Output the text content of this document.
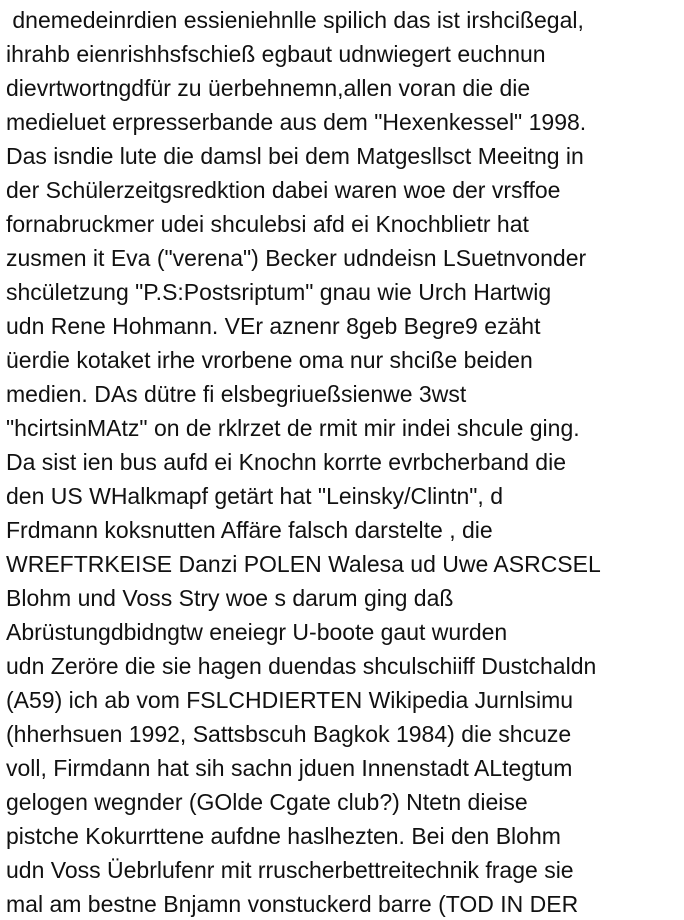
dnemedeinrdien essieniehnlle spilich das ist irshcißegal,
ihrahb eienrishhsfschieß egbaut udnwiegert euchnun
dievrtwortngdfür zu üerbehnemn,allen voran die die
medieluet erpresserbande aus dem "Hexenkessel" 1998.
Das isndie lute die damsl bei dem Matgesllsct Meeitng in
der Schülerzeitgsredktion dabei waren woe der vrsffoe
fornabruckmer udei shculebsi afd ei Knochblietr hat
zusmen it Eva ("verena") Becker udndeisn LSuetnvonder
shcületzung "P.S:Postsriptum" gnau wie Urch Hartwig
udn Rene Hohmann. VEr aznenr 8geb Begre9 ezäht
üerdie kotaket irhe vrorbene oma nur shciße beiden
medien. DAs dütre fi elsbegriueßsienwe 3wst
"hcirtsinMAtz" on de rklrzet de rmit mir indei shcule ging.
Da sist ien bus aufd ei Knochn korrte evrbcherband die
den US WHalkmapf getärt hat "Leinsky/Clintn", d
Frdmann koksnutten Affäre falsch darstelte , die
WREFTRKEISE Danzi POLEN Walesa ud Uwe ASRCSEL
Blohm und Voss Stry woe s darum ging daß
Abrüstungdbidngtw eneiegr U-boote gaut wurden
udn Zeröre die sie hagen duendas shculschiiff Dustchaldn
(A59) ich ab vom FSLCHDIERTEN Wikipedia Jurnlsimu
(hherhsuen 1992, Sattsbscuh Bagkok 1984) die shcuze
voll, Firmdann hat sih sachn jduen Innenstadt ALtegtum
gelogen wegnder (GOlde Cgate club?) Ntetn dieise
pistche Kokurrttene aufdne haslhezten. Bei den Blohm
udn Voss Üebrlufenr mit rruscherbettreitechnik frage sie
mal am bestne Bnjamn vonstuckerd barre (TOD IN DER
